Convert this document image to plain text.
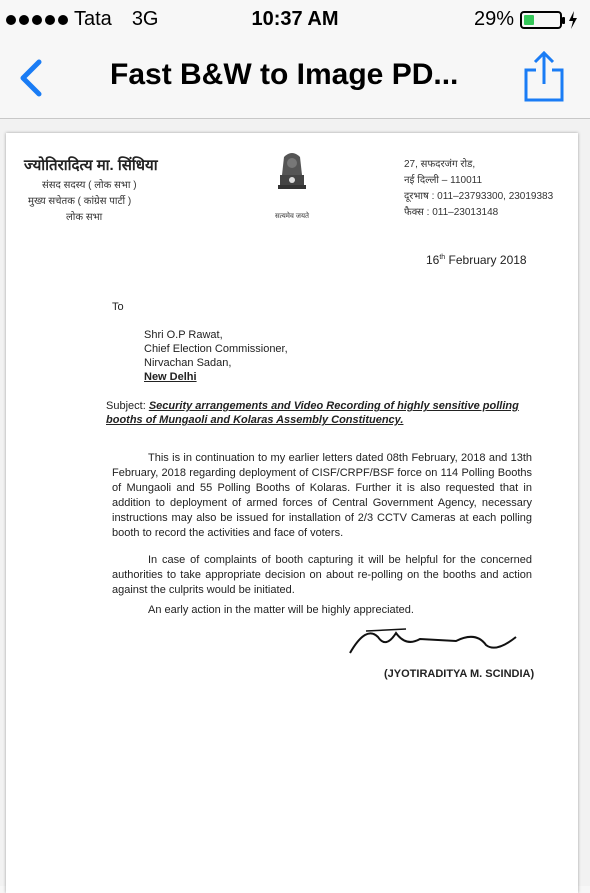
Tata 3G	10:37 AM	29%
Fast B&W to Image PD...
ज्योतिरादित्य मा. सिंधिया
संसद सदस्य ( लोक सभा )
मुख्य सचेतक ( कांग्रेस पार्टी )
लोक सभा	सत्यमेव जयते
27, सफदरजंग रोड,
नई दिल्ली – 110011
दूरभाष : 011–23793300, 23019383
फैक्स : 011–23013148
16th February 2018
To
Shri O.P Rawat,
Chief Election Commissioner,
Nirvachan Sadan,
New Delhi
Subject: Security arrangements and Video Recording of highly sensitive polling booths of Mungaoli and Kolaras Assembly Constituency.
This is in continuation to my earlier letters dated 08th February, 2018 and 13th February, 2018 regarding deployment of CISF/CRPF/BSF force on 114 Polling Booths of Mungaoli and 55 Polling Booths of Kolaras. Further it is also requested that in addition to deployment of armed forces of Central Government Agency, necessary instructions may also be issued for installation of 2/3 CCTV Cameras at each polling booth to record the activities and face of voters.
In case of complaints of booth capturing it will be helpful for the concerned authorities to take appropriate decision on about re-polling on the booths and action against the culprits would be initiated.
An early action in the matter will be highly appreciated.
(JYOTIRADITYA M. SCINDIA)
